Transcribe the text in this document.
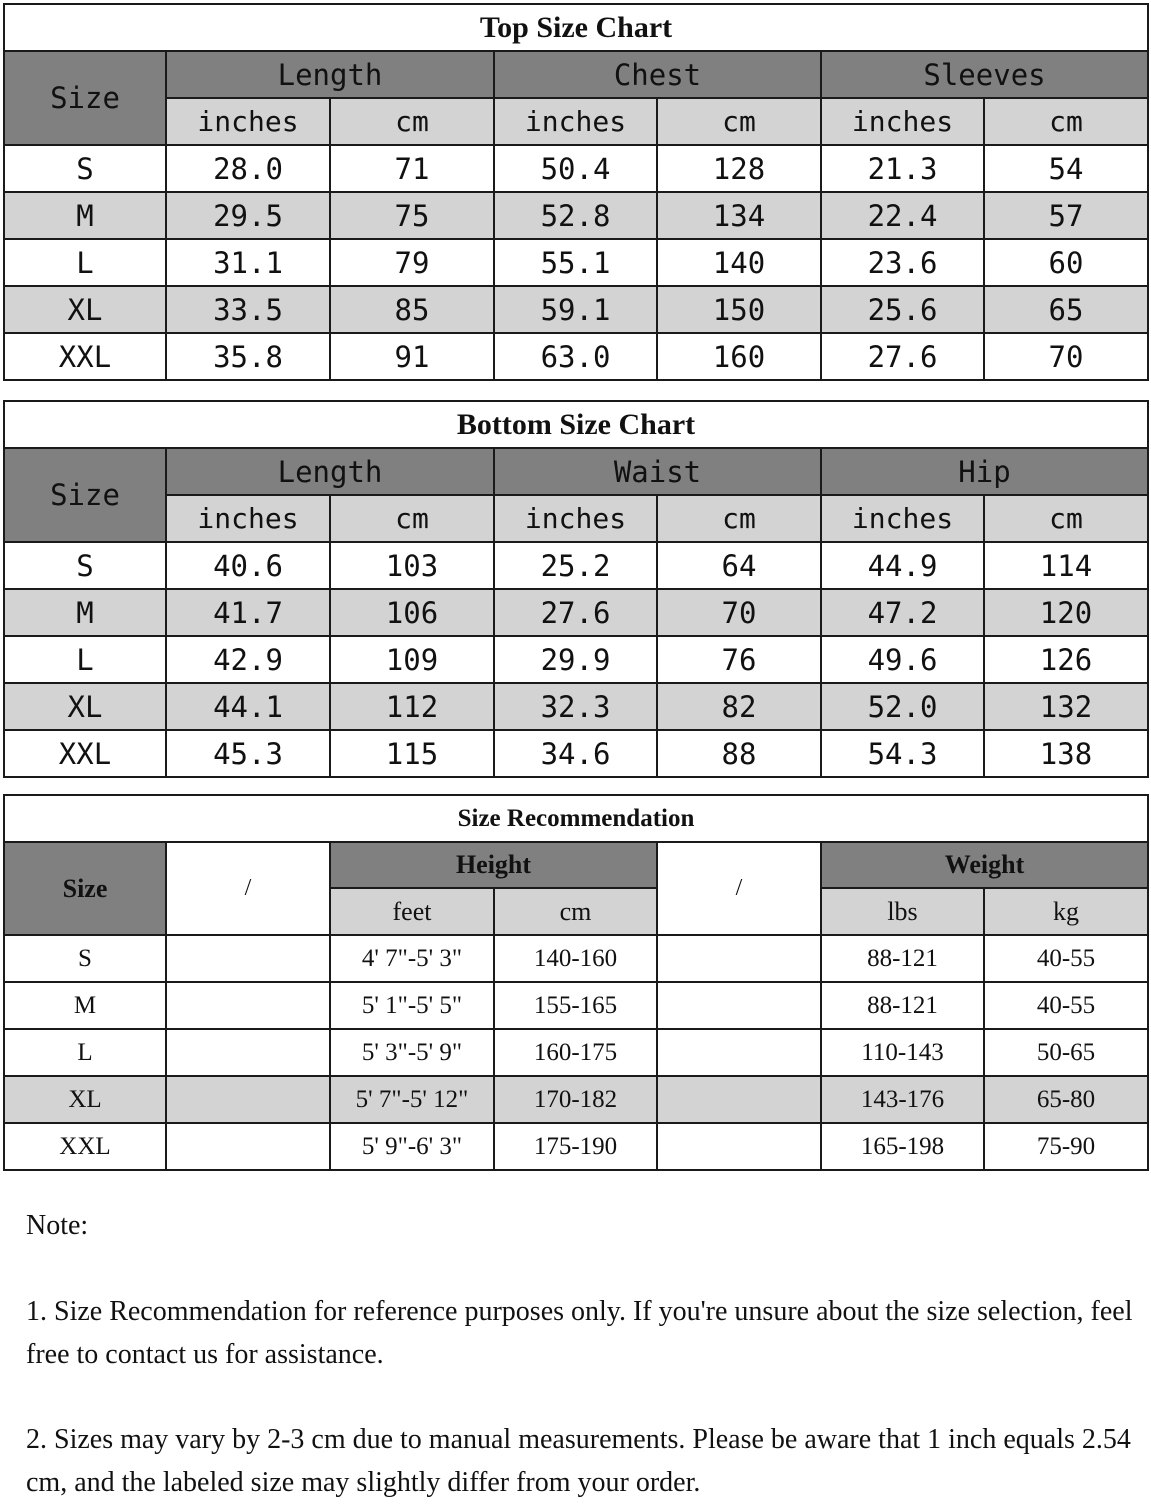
Top Size Chart						
Size	Length		Chest		Sleeves	
	inches	cm	inches	cm	inches	cm
S	28.0	71	50.4	128	21.3	54
M	29.5	75	52.8	134	22.4	57
L	31.1	79	55.1	140	23.6	60
XL	33.5	85	59.1	150	25.6	65
XXL	35.8	91	63.0	160	27.6	70
Bottom Size Chart						
Size	Length		Waist		Hip	
	inches	cm	inches	cm	inches	cm
S	40.6	103	25.2	64	44.9	114
M	41.7	106	27.6	70	47.2	120
L	42.9	109	29.9	76	49.6	126
XL	44.1	112	32.3	82	52.0	132
XXL	45.3	115	34.6	88	54.3	138
Size Recommendation						
Size	/	Height		/	Weight	
		feet	cm		lbs	kg
S		4' 7"-5' 3"	140-160		88-121	40-55
M		5' 1"-5' 5"	155-165		88-121	40-55
L		5' 3"-5' 9"	160-175		110-143	50-65
XL		5' 7"-5' 12"	170-182		143-176	65-80
XXL		5' 9"-6' 3"	175-190		165-198	75-90

Note:

1. Size Recommendation for reference purposes only. If you're unsure about the size selection, feel free to contact us for assistance.

2. Sizes may vary by 2-3 cm due to manual measurements. Please be aware that 1 inch equals 2.54 cm, and the labeled size may slightly differ from your order.
